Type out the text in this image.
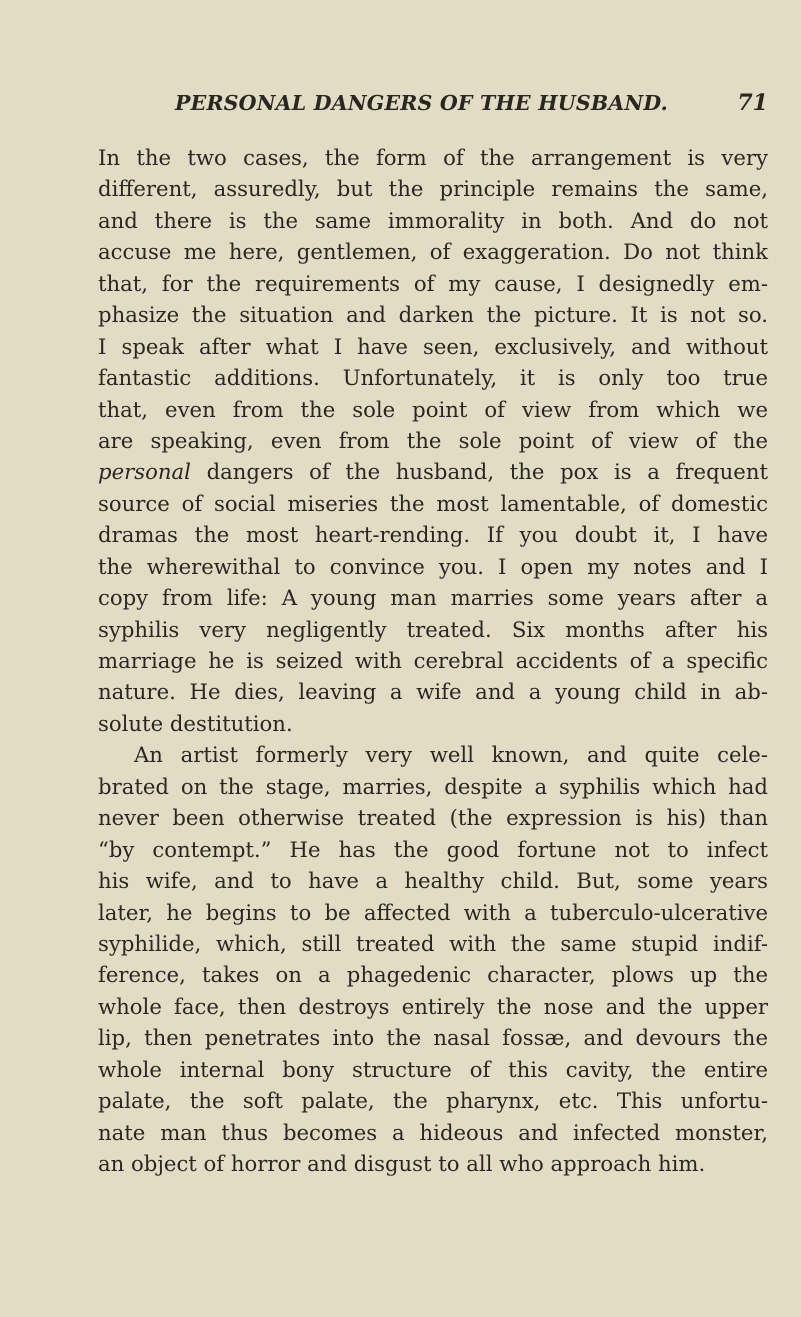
PERSONAL DANGERS OF THE HUSBAND.	71
In the two cases, the form of the arrangement is very
different, assuredly, but the principle remains the same,
and there is the same immorality in both. And do not
accuse me here, gentlemen, of exaggeration. Do not think
that, for the requirements of my cause, I designedly em-
phasize the situation and darken the picture. It is not so.
I speak after what I have seen, exclusively, and without
fantastic additions. Unfortunately, it is only too true
that, even from the sole point of view from which we
are speaking, even from the sole point of view of the
personal dangers of the husband, the pox is a frequent
source of social miseries the most lamentable, of domestic
dramas the most heart-rending. If you doubt it, I have
the wherewithal to convince you. I open my notes and I
copy from life: A young man marries some years after a
syphilis very negligently treated. Six months after his
marriage he is seized with cerebral accidents of a specific
nature. He dies, leaving a wife and a young child in ab-
solute destitution.
An artist formerly very well known, and quite cele-
brated on the stage, marries, despite a syphilis which had
never been otherwise treated (the expression is his) than
“by contempt.” He has the good fortune not to infect
his wife, and to have a healthy child. But, some years
later, he begins to be affected with a tuberculo-ulcerative
syphilide, which, still treated with the same stupid indif-
ference, takes on a phagedenic character, plows up the
whole face, then destroys entirely the nose and the upper
lip, then penetrates into the nasal fossæ, and devours the
whole internal bony structure of this cavity, the entire
palate, the soft palate, the pharynx, etc. This unfortu-
nate man thus becomes a hideous and infected monster,
an object of horror and disgust to all who approach him.
